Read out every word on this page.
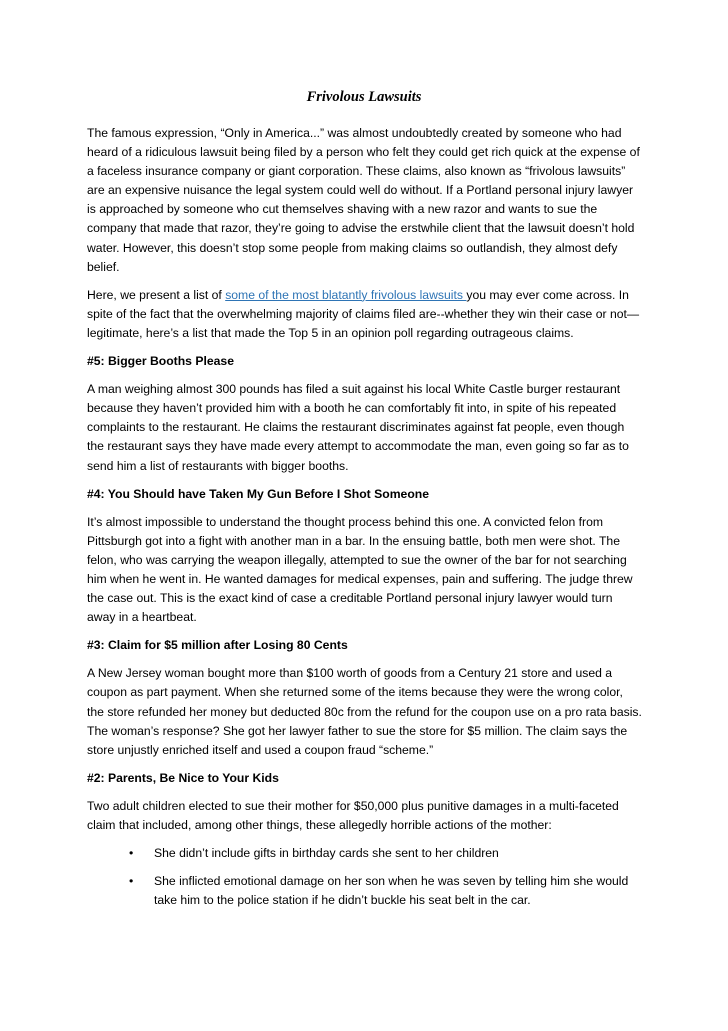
Frivolous Lawsuits

The famous expression, “Only in America...” was almost undoubtedly created by someone who had heard of a ridiculous lawsuit being filed by a person who felt they could get rich quick at the expense of a faceless insurance company or giant corporation. These claims, also known as “frivolous lawsuits” are an expensive nuisance the legal system could well do without. If a Portland personal injury lawyer is approached by someone who cut themselves shaving with a new razor and wants to sue the company that made that razor, they’re going to advise the erstwhile client that the lawsuit doesn’t hold water. However, this doesn’t stop some people from making claims so outlandish, they almost defy belief.

Here, we present a list of some of the most blatantly frivolous lawsuits you may ever come across. In spite of the fact that the overwhelming majority of claims filed are--whether they win their case or not—legitimate, here’s a list that made the Top 5 in an opinion poll regarding outrageous claims.

#5: Bigger Booths Please

A man weighing almost 300 pounds has filed a suit against his local White Castle burger restaurant because they haven’t provided him with a booth he can comfortably fit into, in spite of his repeated complaints to the restaurant. He claims the restaurant discriminates against fat people, even though the restaurant says they have made every attempt to accommodate the man, even going so far as to send him a list of restaurants with bigger booths.

#4: You Should have Taken My Gun Before I Shot Someone

It’s almost impossible to understand the thought process behind this one. A convicted felon from Pittsburgh got into a fight with another man in a bar. In the ensuing battle, both men were shot. The felon, who was carrying the weapon illegally, attempted to sue the owner of the bar for not searching him when he went in. He wanted damages for medical expenses, pain and suffering. The judge threw the case out. This is the exact kind of case a creditable Portland personal injury lawyer would turn away in a heartbeat.

#3: Claim for $5 million after Losing 80 Cents

A New Jersey woman bought more than $100 worth of goods from a Century 21 store and used a coupon as part payment. When she returned some of the items because they were the wrong color, the store refunded her money but deducted 80c from the refund for the coupon use on a pro rata basis. The woman’s response? She got her lawyer father to sue the store for $5 million. The claim says the store unjustly enriched itself and used a coupon fraud “scheme.”

#2: Parents, Be Nice to Your Kids

Two adult children elected to sue their mother for $50,000 plus punitive damages in a multi-faceted claim that included, among other things, these allegedly horrible actions of the mother:

• She didn’t include gifts in birthday cards she sent to her children
• She inflicted emotional damage on her son when he was seven by telling him she would take him to the police station if he didn’t buckle his seat belt in the car.
